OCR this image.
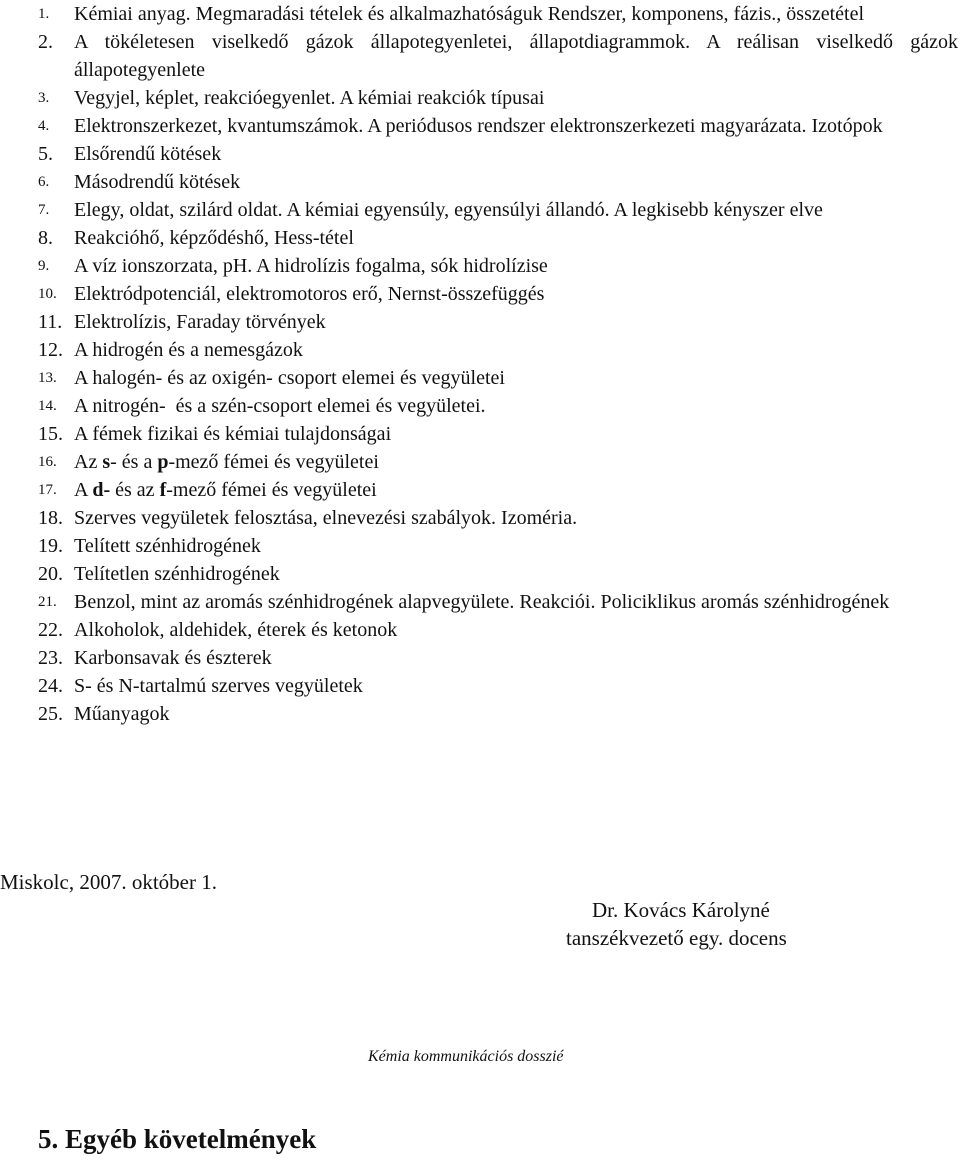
1.	Kémiai anyag. Megmaradási tételek és alkalmazhatóságuk Rendszer, komponens, fázis., összetétel
2.	A tökéletesen viselkedő gázok állapotegyenletei, állapotdiagrammok. A reálisan viselkedő gázok állapotegyenlete
3.	Vegyjel, képlet, reakcióegyenlet. A kémiai reakciók típusai
4.	Elektronszerkezet, kvantumszámok. A periódusos rendszer elektronszerkezeti magyarázata. Izotópok
5.	Elsőrendű kötések
6.	Másodrendű kötések
7.	Elegy, oldat, szilárd oldat. A kémiai egyensúly, egyensúlyi állandó. A legkisebb kényszer elve
8.	Reakcióhő, képződéshő, Hess-tétel
9.	A víz ionszorzata, pH. A hidrolízis fogalma, sók hidrolízise
10. Elektródpotenciál, elektromotoros erő, Nernst-összefüggés
11. Elektrolízis, Faraday törvények
12. A hidrogén és a nemesgázok
13. A halogén- és az oxigén- csoport elemei és vegyületei
14. A nitrogén-  és a szén-csoport elemei és vegyületei.
15. A fémek fizikai és kémiai tulajdonságai
16. Az s- és a p-mező fémei és vegyületei
17. A d- és az f-mező fémei és vegyületei
18. Szerves vegyületek felosztása, elnevezési szabályok. Izoméria.
19. Telített szénhidrogének
20. Telítetlen szénhidrogének
21. Benzol, mint az aromás szénhidrogének alapvegyülete. Reakciói. Policiklikus aromás szénhidrogének
22. Alkoholok, aldehidek, éterek és ketonok
23. Karbonsavak és észterek
24. S- és N-tartalmú szerves vegyületek
25. Műanyagok
Miskolc, 2007. október 1.
Dr. Kovács Károlyné
tanszékvezető egy. docens
Kémia kommunikációs dosszié
5. Egyéb követelmények
